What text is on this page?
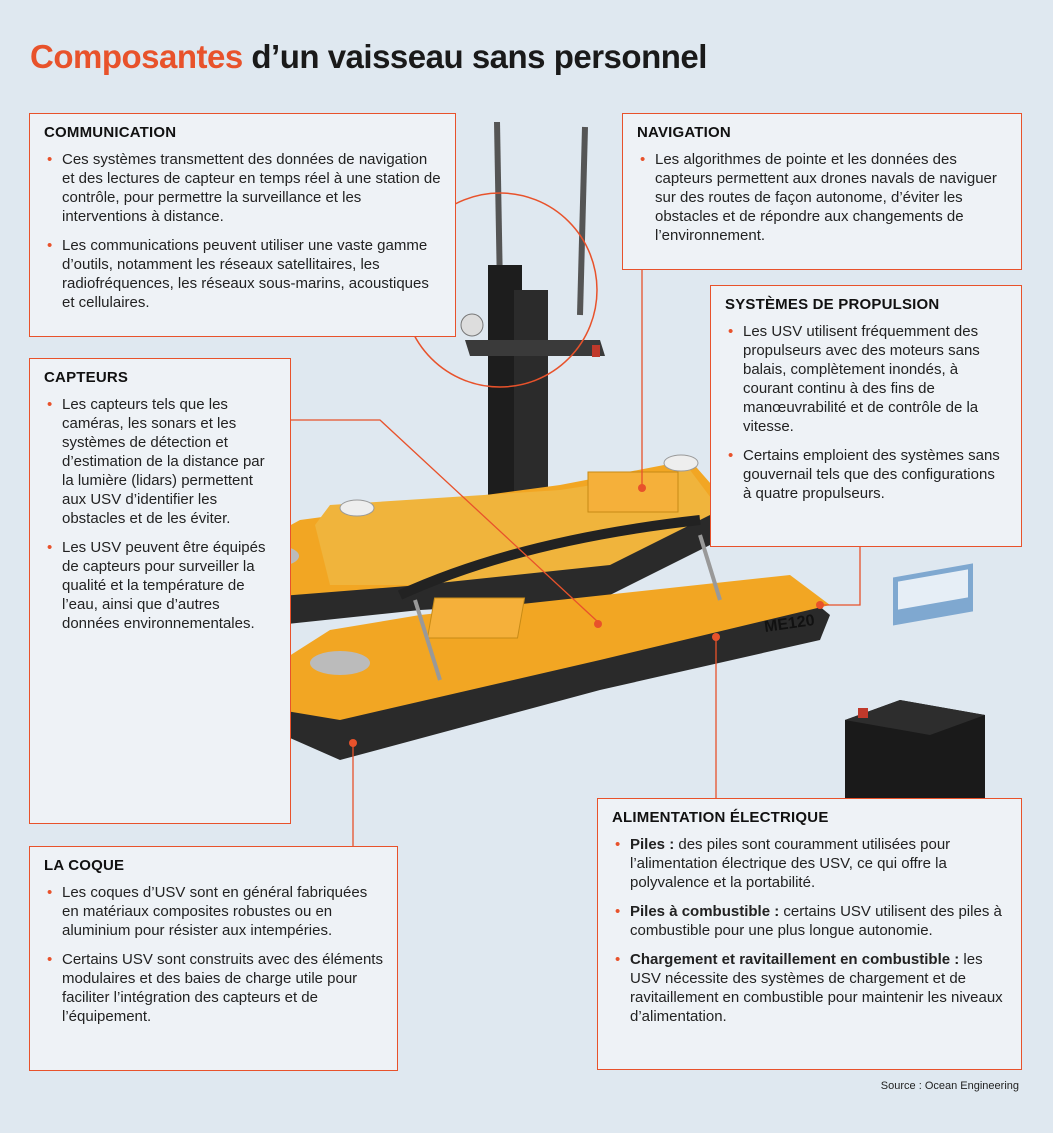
ME120
Composantes d’un vaisseau sans personnel
COMMUNICATION
• Ces systèmes transmettent des données de navigation et des lectures de capteur en temps réel à une station de contrôle, pour permettre la surveillance et les interventions à distance.
• Les communications peuvent utiliser une vaste gamme d’outils, notamment les réseaux satellitaires, les radiofréquences, les réseaux sous-marins, acoustiques et cellulaires.
NAVIGATION
• Les algorithmes de pointe et les données des capteurs permettent aux drones navals de naviguer sur des routes de façon autonome, d’éviter les obstacles et de répondre aux changements de l’environnement.
SYSTÈMES DE PROPULSION
• Les USV utilisent fréquemment des propulseurs avec des moteurs sans balais, complètement inondés, à courant continu à des fins de manœuvrabilité et de contrôle de la vitesse.
• Certains emploient des systèmes sans gouvernail tels que des configurations à quatre propulseurs.
CAPTEURS
• Les capteurs tels que les caméras, les sonars et les systèmes de détection et d’estimation de la distance par la lumière (lidars) permettent aux USV d’identifier les obstacles et de les éviter.
• Les USV peuvent être équipés de capteurs pour surveiller la qualité et la température de l’eau, ainsi que d’autres données environnementales.
LA COQUE
• Les coques d’USV sont en général fabriquées en matériaux composites robustes ou en aluminium pour résister aux intempéries.
• Certains USV sont construits avec des éléments modulaires et des baies de charge utile pour faciliter l’intégration des capteurs et de l’équipement.
ALIMENTATION ÉLECTRIQUE
• Piles : des piles sont couramment utilisées pour l’alimentation électrique des USV, ce qui offre la polyvalence et la portabilité.
• Piles à combustible : certains USV utilisent des piles à combustible pour une plus longue autonomie.
• Chargement et ravitaillement en combustible : les USV nécessite des systèmes de chargement et de ravitaillement en combustible pour maintenir les niveaux d’alimentation.
Source : Ocean Engineering
